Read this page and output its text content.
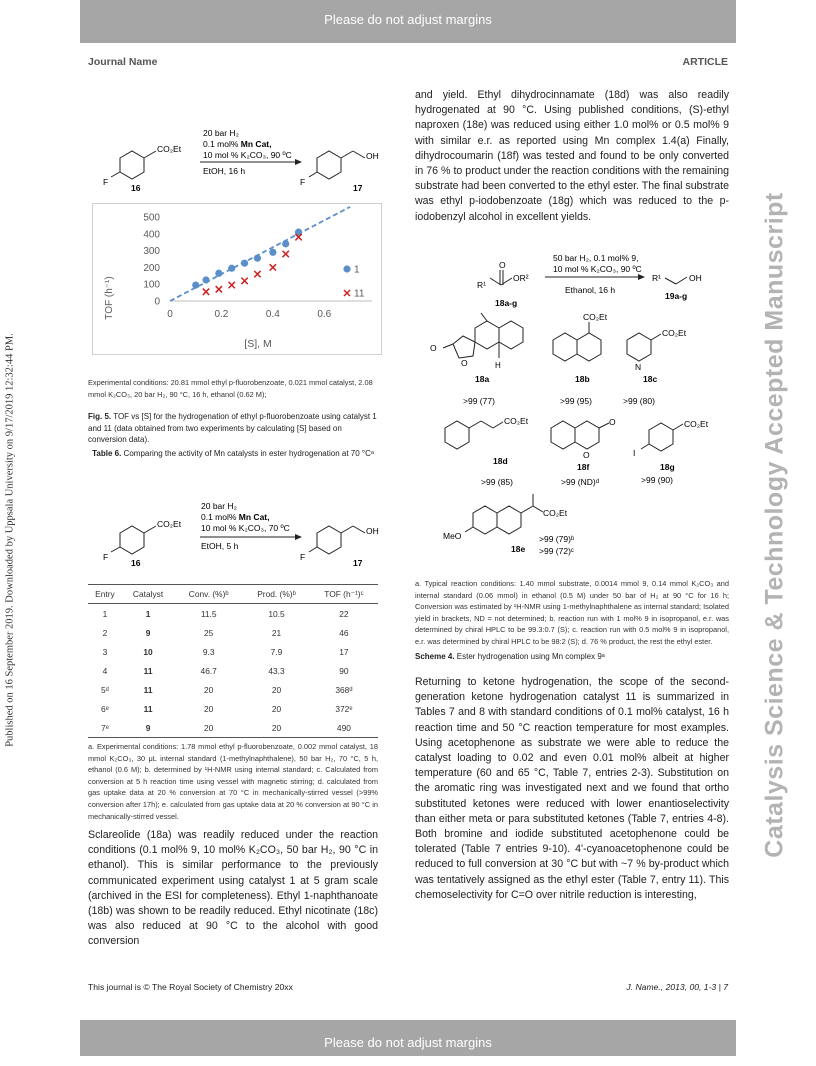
Please do not adjust margins
Please do not adjust margins
Journal Name	ARTICLE
Published on 16 September 2019. Downloaded by Uppsala University on 9/17/2019 12:32:44 PM.	Catalysis Science & Technology Accepted Manuscript
CO₂Et
F
16
20 bar H₂
0.1 mol% Mn Cat,
10 mol % K₂CO₃, 90 ºC
EtOH, 16 h
OH
F
17
TOF (h⁻¹)
[S], M
0
100
200
300
400
500
0	0.2	0.4	0.6
1
11
Experimental conditions: 20.81 mmol ethyl p-fluorobenzoate, 0.021 mmol catalyst, 2.08 mmol K₂CO₃, 20 bar H₂, 90 °C, 16 h, ethanol (0.62 M);
Fig. 5. TOF vs [S] for the hydrogenation of ethyl p-fluorobenzoate using catalyst 1 and 11 (data obtained from two experiments by calculating [S] based on conversion data).
Table 6. Comparing the activity of Mn catalysts in ester hydrogenation at 70 °Cᵃ
CO₂Et
F
16
20 bar H₂
0.1 mol% Mn Cat,
10 mol % K₂CO₃, 70 ºC
EtOH, 5 h
OH
F
17
Entry	Catalyst	Conv. (%)ᵇ	Prod. (%)ᵇ	TOF (h⁻¹)ᶜ
1	1	11.5	10.5	22
2	9	25	21	46
3	10	9.3	7.9	17
4	11	46.7	43.3	90
5ᵈ	11	20	20	368ᵈ
6ᵉ	11	20	20	372ᵉ
7ᵉ	9	20	20	490
a. Experimental conditions: 1.78 mmol ethyl p-fluorobenzoate, 0.002 mmol catalyst, 18 mmol K₂CO₃, 30 μL internal standard (1-methylnaphthalene), 50 bar H₂, 70 °C, 5 h, ethanol (0.6 M); b. determined by ¹H-NMR using internal standard; c. Calculated from conversion at 5 h reaction time using vessel with magnetic stirring; d. calculated from gas uptake data at 20 % conversion at 70 °C in mechanically-stirred vessel (>99% conversion after 17h); e. calculated from gas uptake data at 20 % conversion at 90 °C in mechanically-stirred vessel.
Sclareolide (18a) was readily reduced under the reaction conditions (0.1 mol% 9, 10 mol% K₂CO₃, 50 bar H₂, 90 °C in ethanol). This is similar performance to the previously communicated experiment using catalyst 1 at 5 gram scale (archived in the ESI for completeness). Ethyl 1-naphthanoate (18b) was shown to be readily reduced. Ethyl nicotinate (18c) was also reduced at 90 °C to the alcohol with good conversion
and yield. Ethyl dihydrocinnamate (18d) was also readily hydrogenated at 90 °C. Using published conditions, (S)-ethyl naproxen (18e) was reduced using either 1.0 mol% or 0.5 mol% 9 with similar e.r. as reported using Mn complex 1.4(a) Finally, dihydrocoumarin (18f) was tested and found to be only converted in 76 % to product under the reaction conditions with the remaining substrate had been converted to the ethyl ester. The final substrate was ethyl p-iodobenzoate (18g) which was reduced to the p-iodobenzyl alcohol in excellent yields.
O
R¹
OR²
18a-g
50 bar H₂, 0.1 mol% 9,
10 mol % K₂CO₃, 90 ºC
Ethanol, 16 h
R¹	OH
19a-g
O
O	H
18a
>99 (77)
CO₂Et
18b
>99 (95)
CO₂Et
N
18c
>99 (80)
CO₂Et
18d
>99 (85)
O
O
18f
>99 (ND)ᵈ
CO₂Et
I
18g
>99 (90)
CO₂Et
MeO
18e
>99 (79)ᵇ
>99 (72)ᶜ
a. Typical reaction conditions: 1.40 mmol substrate, 0.0014 mmol 9, 0.14 mmol K₂CO₃ and internal standard (0.06 mmol) in ethanol (0.5 M) under 50 bar of H₂ at 90 °C for 16 h; Conversion was estimated by ¹H-NMR using 1-methylnaphthalene as internal standard; Isolated yield in brackets, ND = not determined; b. reaction run with 1 mol% 9 in isopropanol, e.r. was determined by chiral HPLC to be 99.3:0.7 (S); c. reaction run with 0.5 mol% 9 in isopropanol, e.r. was determined by chiral HPLC to be 98:2 (S); d. 76 % product, the rest the ethyl ester.
Scheme 4. Ester hydrogenation using Mn complex 9ᵃ
Returning to ketone hydrogenation, the scope of the second-generation ketone hydrogenation catalyst 11 is summarized in Tables 7 and 8 with standard conditions of 0.1 mol% catalyst, 16 h reaction time and 50 °C reaction temperature for most examples. Using acetophenone as substrate we were able to reduce the catalyst loading to 0.02 and even 0.01 mol% albeit at higher temperature (60 and 65 °C, Table 7, entries 2-3). Substitution on the aromatic ring was investigated next and we found that ortho substituted ketones were reduced with lower enantioselectivity than either meta or para substituted ketones (Table 7, entries 4-8). Both bromine and iodide substituted acetophenone could be tolerated (Table 7 entries 9-10). 4'-cyanoacetophenone could be reduced to full conversion at 30 °C but with ~7 % by-product which was tentatively assigned as the ethyl ester (Table 7, entry 11). This chemoselectivity for C=O over nitrile reduction is interesting,
This journal is © The Royal Society of Chemistry 20xx	J. Name., 2013, 00, 1-3 | 7
